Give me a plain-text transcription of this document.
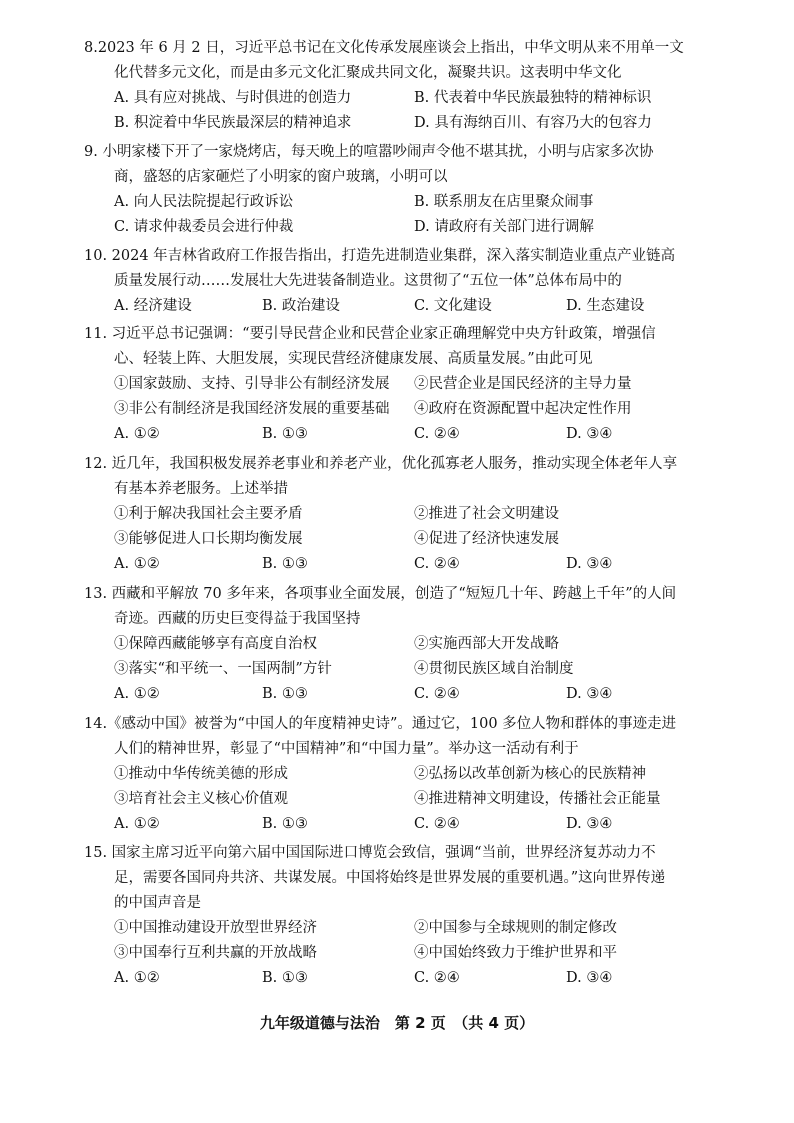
8.2023 年 6 月 2 日，习近平总书记在文化传承发展座谈会上指出，中华文明从来不用单一文
化代替多元文化，而是由多元文化汇聚成共同文化，凝聚共识。这表明中华文化
A. 具有应对挑战、与时俱进的创造力	B. 代表着中华民族最独特的精神标识
B. 积淀着中华民族最深层的精神追求	D. 具有海纳百川、有容乃大的包容力
9. 小明家楼下开了一家烧烤店，每天晚上的喧嚣吵闹声令他不堪其扰，小明与店家多次协
商，盛怒的店家砸烂了小明家的窗户玻璃，小明可以
A. 向人民法院提起行政诉讼	B. 联系朋友在店里聚众闹事
C. 请求仲裁委员会进行仲裁	D. 请政府有关部门进行调解
10. 2024 年吉林省政府工作报告指出，打造先进制造业集群，深入落实制造业重点产业链高
质量发展行动……发展壮大先进装备制造业。这贯彻了“五位一体”总体布局中的
A. 经济建设	B. 政治建设	C. 文化建设	D. 生态建设
11. 习近平总书记强调：“要引导民营企业和民营企业家正确理解党中央方针政策，增强信
心、轻装上阵、大胆发展，实现民营经济健康发展、高质量发展。”由此可见
①国家鼓励、支持、引导非公有制经济发展 ②民营企业是国民经济的主导力量
③非公有制经济是我国经济发展的重要基础 ④政府在资源配置中起决定性作用
A. ①②	B. ①③	C. ②④	D. ③④
12. 近几年，我国积极发展养老事业和养老产业，优化孤寡老人服务，推动实现全体老年人享
有基本养老服务。上述举措
①利于解决我国社会主要矛盾	②推进了社会文明建设
③能够促进人口长期均衡发展	④促进了经济快速发展
A. ①②	B. ①③	C. ②④	D. ③④
13. 西藏和平解放 70 多年来，各项事业全面发展，创造了“短短几十年、跨越上千年”的人间
奇迹。西藏的历史巨变得益于我国坚持
①保障西藏能够享有高度自治权	②实施西部大开发战略
③落实“和平统一、一国两制”方针	④贯彻民族区域自治制度
A. ①②	B. ①③	C. ②④	D. ③④
14.《感动中国》被誉为“中国人的年度精神史诗”。通过它，100 多位人物和群体的事迹走进
人们的精神世界，彰显了“中国精神”和“中国力量”。举办这一活动有利于
①推动中华传统美德的形成	②弘扬以改革创新为核心的民族精神
③培育社会主义核心价值观	④推进精神文明建设，传播社会正能量
A. ①②	B. ①③	C. ②④	D. ③④
15. 国家主席习近平向第六届中国国际进口博览会致信，强调“当前，世界经济复苏动力不
足，需要各国同舟共济、共谋发展。中国将始终是世界发展的重要机遇。”这向世界传递
的中国声音是
①中国推动建设开放型世界经济	②中国参与全球规则的制定修改
③中国奉行互利共赢的开放战略	④中国始终致力于维护世界和平
A. ①②	B. ①③	C. ②④	D. ③④
九年级道德与法治　第 2 页　（共 4 页）
